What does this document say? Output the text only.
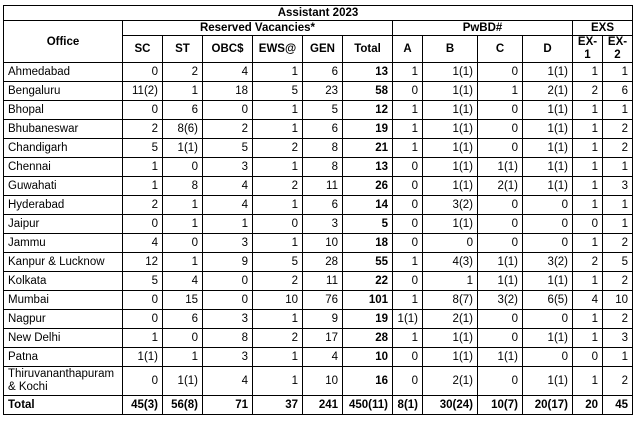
Assistant 2023												
Office	Reserved Vacancies*						PwBD#				EXS	
	SC	ST	OBC$	EWS@	GEN	Total	A	B	C	D	EX-1	EX-2
Ahmedabad	0	2	4	1	6	13	1	1(1)	0	1(1)	1	1
Bengaluru	11(2)	1	18	5	23	58	0	1(1)	1	2(1)	2	6
Bhopal	0	6	0	1	5	12	1	1(1)	0	1(1)	1	1
Bhubaneswar	2	8(6)	2	1	6	19	1	1(1)	0	1(1)	1	2
Chandigarh	5	1(1)	5	2	8	21	1	1(1)	0	1(1)	1	2
Chennai	1	0	3	1	8	13	0	1(1)	1(1)	1(1)	1	1
Guwahati	1	8	4	2	11	26	0	1(1)	2(1)	1(1)	1	3
Hyderabad	2	1	4	1	6	14	0	3(2)	0	0	1	1
Jaipur	0	1	1	0	3	5	0	1(1)	0	0	0	1
Jammu	4	0	3	1	10	18	0	0	0	0	1	2
Kanpur & Lucknow	12	1	9	5	28	55	1	4(3)	1(1)	3(2)	2	5
Kolkata	5	4	0	2	11	22	0	1	1(1)	1(1)	1	2
Mumbai	0	15	0	10	76	101	1	8(7)	3(2)	6(5)	4	10
Nagpur	0	6	3	1	9	19	1(1)	2(1)	0	0	1	2
New Delhi	1	0	8	2	17	28	1	1(1)	0	1(1)	1	3
Patna	1(1)	1	3	1	4	10	0	1(1)	1(1)	0	0	1
Thiruvananthapuram & Kochi	0	1(1)	4	1	10	16	0	2(1)	0	1(1)	1	2
Total	45(3)	56(8)	71	37	241	450(11)	8(1)	30(24)	10(7)	20(17)	20	45
